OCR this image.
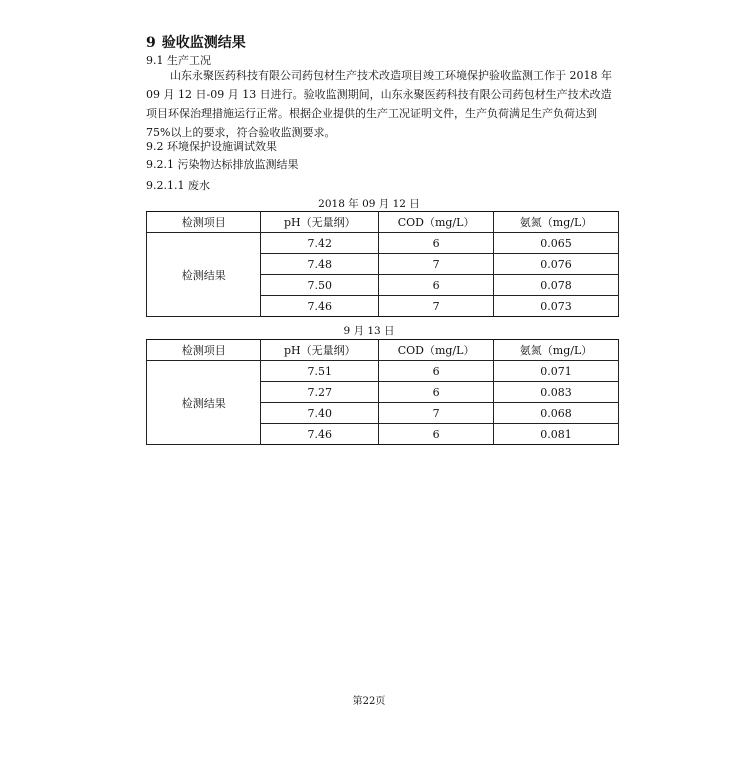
9 验收监测结果
9.1 生产工况
山东永聚医药科技有限公司药包材生产技术改造项目竣工环境保护验收监测工作于 2018 年 09 月 12 日-09 月 13 日进行。验收监测期间，山东永聚医药科技有限公司药包材生产技术改造项目环保治理措施运行正常。根据企业提供的生产工况证明文件，生产负荷满足生产负荷达到 75%以上的要求，符合验收监测要求。
9.2 环境保护设施调试效果
9.2.1 污染物达标排放监测结果
9.2.1.1 废水
2018 年 09 月 12 日
检测项目	pH（无量纲）	COD（mg/L）	氨氮（mg/L）
检测结果	7.42	6	0.065
	7.48	7	0.076
	7.50	6	0.078
	7.46	7	0.073
9 月 13 日
检测项目	pH（无量纲）	COD（mg/L）	氨氮（mg/L）
检测结果	7.51	6	0.071
	7.27	6	0.083
	7.40	7	0.068
	7.46	6	0.081
第22页
